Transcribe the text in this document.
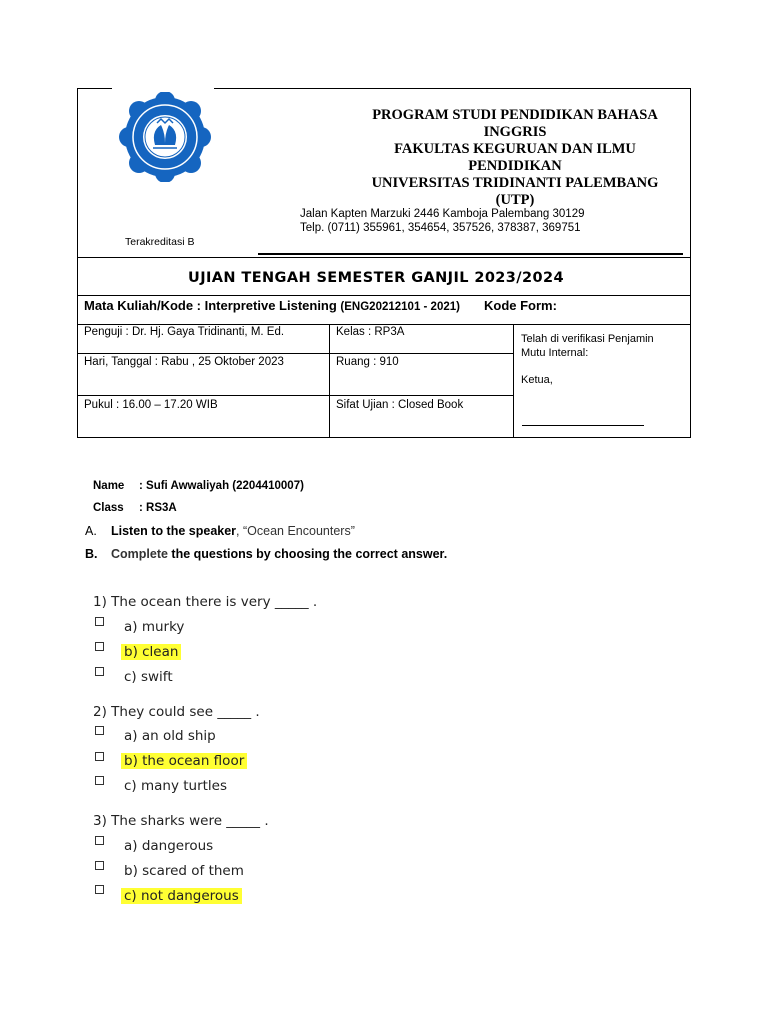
PROGRAM STUDI PENDIDIKAN BAHASA
INGGRIS
FAKULTAS KEGURUAN DAN ILMU
PENDIDIKAN
UNIVERSITAS TRIDINANTI PALEMBANG
(UTP)
Jalan Kapten Marzuki 2446 Kamboja Palembang 30129
Telp. (0711) 355961, 354654, 357526, 378387, 369751
Terakreditasi B
UJIAN TENGAH SEMESTER GANJIL 2023/2024
Mata Kuliah/Kode : Interpretive Listening (ENG20212101 - 2021) Kode Form:
Penguji : Dr. Hj. Gaya Tridinanti, M. Ed.	Kelas : RP3A
Hari, Tanggal : Rabu , 25 Oktober 2023	Ruang : 910
Pukul : 16.00 – 17.20 WIB	Sifat Ujian : Closed Book
Telah di verifikasi Penjamin
Mutu Internal:
Ketua,
Name : Sufi Awwaliyah (2204410007)
Class : RS3A
A. Listen to the speaker, “Ocean Encounters”
B. Complete the questions by choosing the correct answer.
1) The ocean there is very _____ .
a) murky
b) clean
c) swift
2) They could see _____ .
a) an old ship
b) the ocean floor
c) many turtles
3) The sharks were _____ .
a) dangerous
b) scared of them
c) not dangerous
